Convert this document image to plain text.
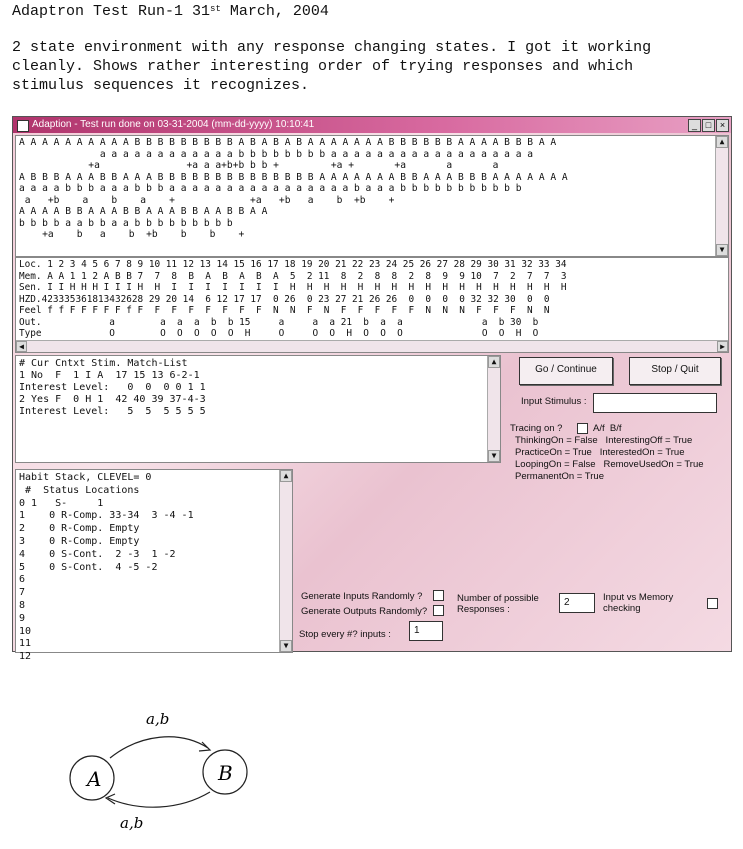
Adaptron Test Run-1 31st March, 2004
2 state environment with any response changing states. I got it working
cleanly. Shows rather interesting order of trying responses and which
stimulus sequences it recognizes.
Adaption - Test run done on 03-31-2004 (mm-dd-yyyy) 10:10:41	_ □ ×
A A A A A A A A A A B B B B B B B B B A B A B A B A A A A A A A B B B B B B A A A A B B B A A
a a a a a a a a a a a a b b b b b b b b a a a a a a a a a a a a a a a a a a
+a               +a a a+b+b b b +         +a +       +a       a       a
A B B B A A A B B A A A B B B B B B B B B B B B B B A A A A A A A B B A A A B B B A A A A A A A
a a a a b b b a a a b b b a a a a a a a a a a a a a a a a b a a a b b b b b b b b b b b
a   +b    a    b    a    +             +a   +b   a    b  +b    +
A A A A B B A A A B B A A A B B A A B B A A
b b b b a a b b a a b b b b b b b b b
+a    b   a    b  +b    b    b    +
▲
▼
Loc. 1 2 3 4 5 6 7 8 9 10 11 12 13 14 15 16 17 18 19 20 21 22 23 24 25 26 27 28 29 30 31 32 33 34
Mem. A A 1 1 2 A B B 7  7  8  B  A  B  A  B  A  5  2 11  8  2  8  8  2  8  9  9 10  7  2  7  7  3
Sen. I I H H H I I I H  H  I  I  I  I  I  I  I  H  H  H  H  H  H  H  H  H  H  H  H  H  H  H  H  H
HZD.423335361813432628 29 20 14  6 12 17 17  0 26  0 23 27 21 26 26  0  0  0  0 32 32 30  0  0
Feel f f F F F F F f F  F  F  F  F  F  F  F  N  N  F  N  F  F  F  F  F  N  N  N  F  F  F  N  N
Out.            a        a  a  a  b  b 15     a     a  a 21  b  a  a              a  b 30  b
Type            O        O  O  O  O  O  H     O     O  O  H  O  O  O              O  O  H  O
◀	▶
# Cur Cntxt Stim. Match-List
1 No  F  1 I A  17 15 13 6-2-1
Interest Level:   0  0  0 0 1 1
2 Yes F  0 H 1  42 40 39 37-4-3
Interest Level:   5  5  5 5 5 5
▲
▼
Habit Stack, CLEVEL= 0
#  Status Locations
0 1   S-     1
1    0 R-Comp. 33-34  3 -4 -1
2    0 R-Comp. Empty
3    0 R-Comp. Empty
4    0 S-Cont.  2 -3  1 -2
5    0 S-Cont.  4 -5 -2
6
7
8
9
10
11
12
▲
▼
Go / Continue	Stop / Quit
Input Stimulus :
Tracing on ?	A/f  B/f
ThinkingOn = False   InterestingOff = True
PracticeOn = True   InterestedOn = True
LoopingOn = False   RemoveUsedOn = True
PermanentOn = True
Generate Inputs Randomly ?
Generate Outputs Randomly?
Number of possible
Responses :
2	Input vs Memory
checking
Stop every #? inputs :	1
A	B
a,b
a,b
